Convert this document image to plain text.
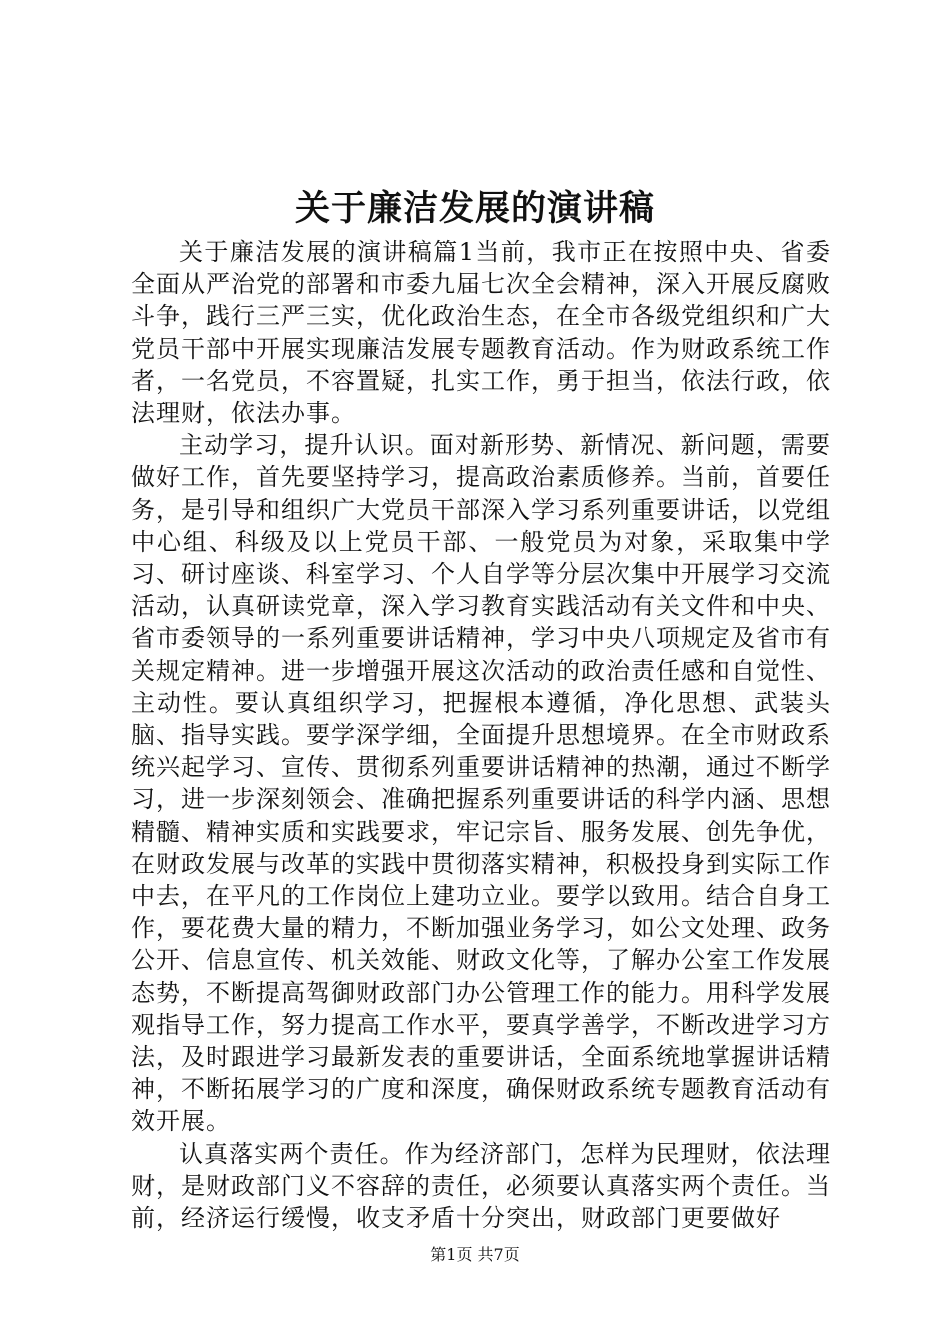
关于廉洁发展的演讲稿

关于廉洁发展的演讲稿篇1当前，我市正在按照中央、省委全面从严治党的部署和市委九届七次全会精神，深入开展反腐败斗争，践行三严三实，优化政治生态，在全市各级党组织和广大党员干部中开展实现廉洁发展专题教育活动。作为财政系统工作者，一名党员，不容置疑，扎实工作，勇于担当，依法行政，依法理财，依法办事。

主动学习，提升认识。面对新形势、新情况、新问题，需要做好工作，首先要坚持学习，提高政治素质修养。当前，首要任务，是引导和组织广大党员干部深入学习系列重要讲话，以党组中心组、科级及以上党员干部、一般党员为对象，采取集中学习、研讨座谈、科室学习、个人自学等分层次集中开展学习交流活动，认真研读党章，深入学习教育实践活动有关文件和中央、省市委领导的一系列重要讲话精神，学习中央八项规定及省市有关规定精神。进一步增强开展这次活动的政治责任感和自觉性、主动性。要认真组织学习，把握根本遵循，净化思想、武装头脑、指导实践。要学深学细，全面提升思想境界。在全市财政系统兴起学习、宣传、贯彻系列重要讲话精神的热潮，通过不断学习，进一步深刻领会、准确把握系列重要讲话的科学内涵、思想精髓、精神实质和实践要求，牢记宗旨、服务发展、创先争优，在财政发展与改革的实践中贯彻落实精神，积极投身到实际工作中去，在平凡的工作岗位上建功立业。要学以致用。结合自身工作，要花费大量的精力，不断加强业务学习，如公文处理、政务公开、信息宣传、机关效能、财政文化等，了解办公室工作发展态势，不断提高驾御财政部门办公管理工作的能力。用科学发展观指导工作，努力提高工作水平，要真学善学，不断改进学习方法，及时跟进学习最新发表的重要讲话，全面系统地掌握讲话精神，不断拓展学习的广度和深度，确保财政系统专题教育活动有效开展。

认真落实两个责任。作为经济部门，怎样为民理财，依法理财，是财政部门义不容辞的责任，必须要认真落实两个责任。当前，经济运行缓慢，收支矛盾十分突出，财政部门更要做好

第1页 共7页
